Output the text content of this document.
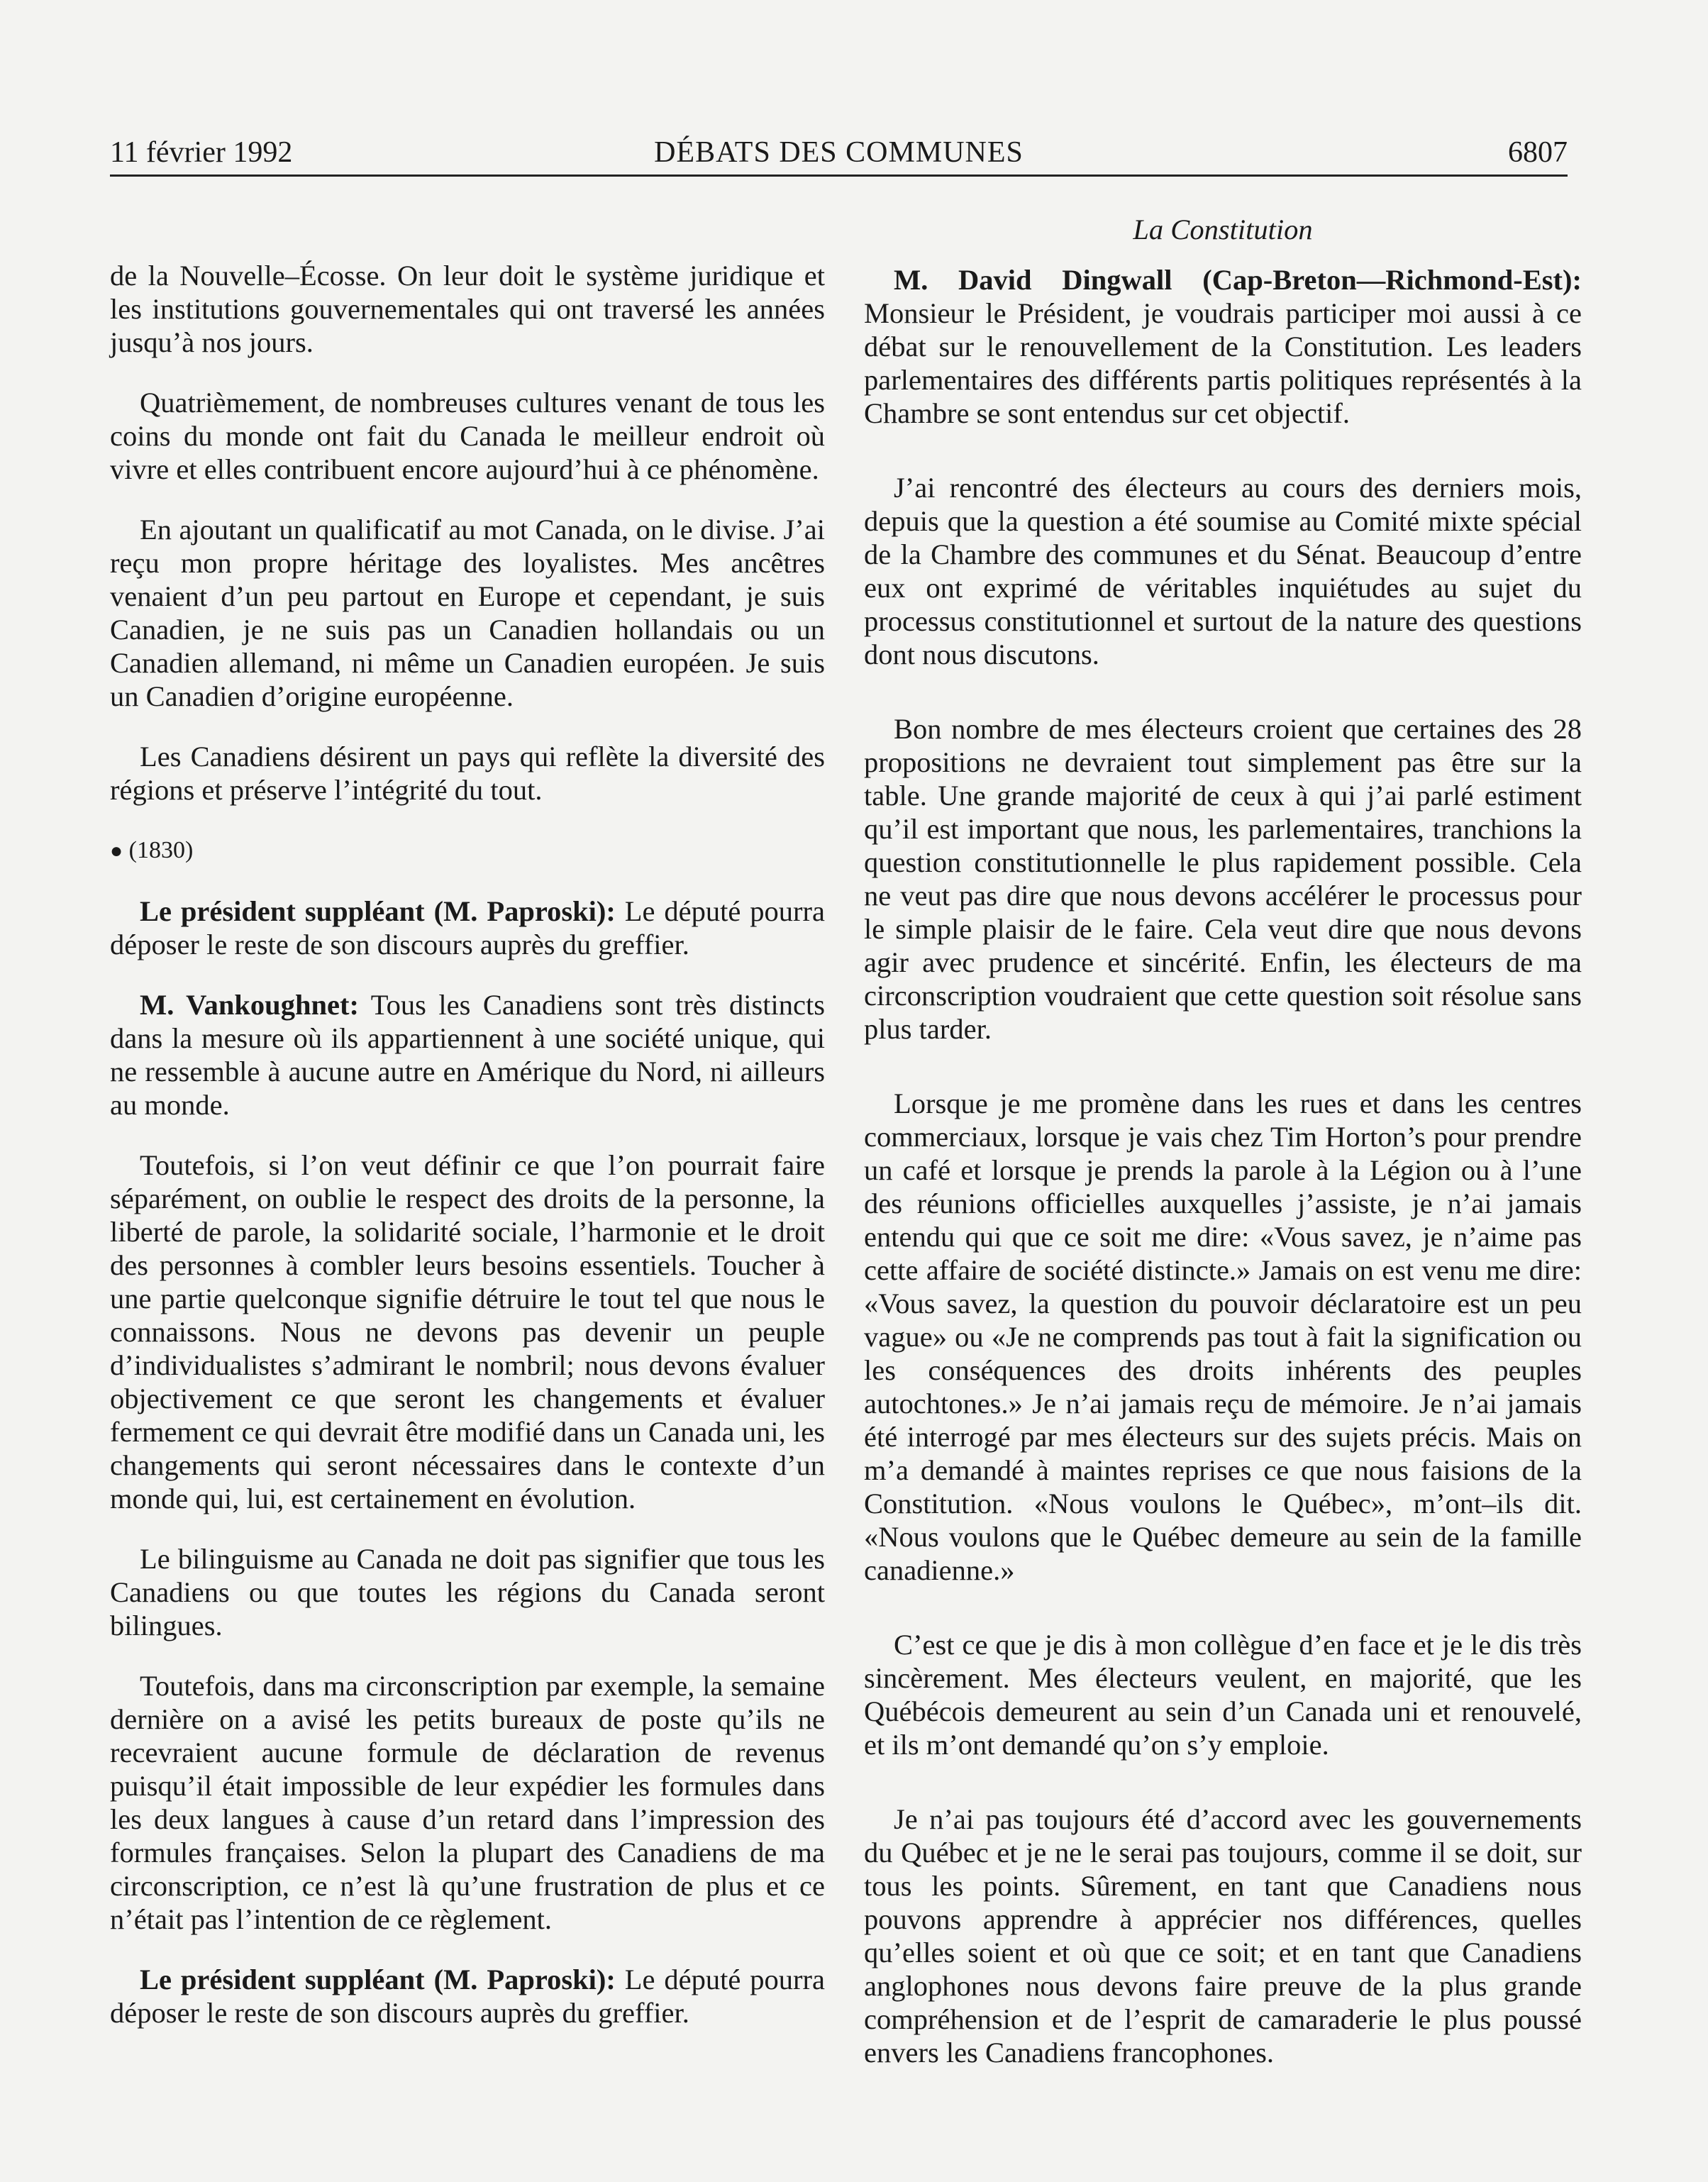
DÉBATS DES COMMUNES
11 février 1992	6807

de la Nouvelle–Écosse. On leur doit le système juridique et les institutions gouvernementales qui ont traversé les années jusqu’à nos jours.

Quatrièmement, de nombreuses cultures venant de tous les coins du monde ont fait du Canada le meilleur endroit où vivre et elles contribuent encore aujourd’hui à ce phénomène.

En ajoutant un qualificatif au mot Canada, on le divise. J’ai reçu mon propre héritage des loyalistes. Mes ancêtres venaient d’un peu partout en Europe et cependant, je suis Canadien, je ne suis pas un Canadien hollandais ou un Canadien allemand, ni même un Canadien européen. Je suis un Canadien d’origine européenne.

Les Canadiens désirent un pays qui reflète la diversité des régions et préserve l’intégrité du tout.

● (1830)

Le président suppléant (M. Paproski): Le député pourra déposer le reste de son discours auprès du greffier.

M. Vankoughnet: Tous les Canadiens sont très distincts dans la mesure où ils appartiennent à une société unique, qui ne ressemble à aucune autre en Amérique du Nord, ni ailleurs au monde.

Toutefois, si l’on veut définir ce que l’on pourrait faire séparément, on oublie le respect des droits de la personne, la liberté de parole, la solidarité sociale, l’harmonie et le droit des personnes à combler leurs besoins essentiels. Toucher à une partie quelconque signifie détruire le tout tel que nous le connaissons. Nous ne devons pas devenir un peuple d’individualistes s’admirant le nombril; nous devons évaluer objectivement ce que seront les changements et évaluer fermement ce qui devrait être modifié dans un Canada uni, les changements qui seront nécessaires dans le contexte d’un monde qui, lui, est certainement en évolution.

Le bilinguisme au Canada ne doit pas signifier que tous les Canadiens ou que toutes les régions du Canada seront bilingues.

Toutefois, dans ma circonscription par exemple, la semaine dernière on a avisé les petits bureaux de poste qu’ils ne recevraient aucune formule de déclaration de revenus puisqu’il était impossible de leur expédier les formules dans les deux langues à cause d’un retard dans l’impression des formules françaises. Selon la plupart des Canadiens de ma circonscription, ce n’est là qu’une frustration de plus et ce n’était pas l’intention de ce règlement.

Le président suppléant (M. Paproski): Le député pourra déposer le reste de son discours auprès du greffier.

La Constitution

M. David Dingwall (Cap-Breton—Richmond-Est): Monsieur le Président, je voudrais participer moi aussi à ce débat sur le renouvellement de la Constitution. Les leaders parlementaires des différents partis politiques représentés à la Chambre se sont entendus sur cet objectif.

J’ai rencontré des électeurs au cours des derniers mois, depuis que la question a été soumise au Comité mixte spécial de la Chambre des communes et du Sénat. Beaucoup d’entre eux ont exprimé de véritables inquiétudes au sujet du processus constitutionnel et surtout de la nature des questions dont nous discutons.

Bon nombre de mes électeurs croient que certaines des 28 propositions ne devraient tout simplement pas être sur la table. Une grande majorité de ceux à qui j’ai parlé estiment qu’il est important que nous, les parlementaires, tranchions la question constitutionnelle le plus rapidement possible. Cela ne veut pas dire que nous devons accélérer le processus pour le simple plaisir de le faire. Cela veut dire que nous devons agir avec prudence et sincérité. Enfin, les électeurs de ma circonscription voudraient que cette question soit résolue sans plus tarder.

Lorsque je me promène dans les rues et dans les centres commerciaux, lorsque je vais chez Tim Horton’s pour prendre un café et lorsque je prends la parole à la Légion ou à l’une des réunions officielles auxquelles j’assiste, je n’ai jamais entendu qui que ce soit me dire: «Vous savez, je n’aime pas cette affaire de société distincte.» Jamais on est venu me dire: «Vous savez, la question du pouvoir déclaratoire est un peu vague» ou «Je ne comprends pas tout à fait la signification ou les conséquences des droits inhérents des peuples autochtones.» Je n’ai jamais reçu de mémoire. Je n’ai jamais été interrogé par mes électeurs sur des sujets précis. Mais on m’a demandé à maintes reprises ce que nous faisions de la Constitution. «Nous voulons le Québec», m’ont–ils dit. «Nous voulons que le Québec demeure au sein de la famille canadienne.»

C’est ce que je dis à mon collègue d’en face et je le dis très sincèrement. Mes électeurs veulent, en majorité, que les Québécois demeurent au sein d’un Canada uni et renouvelé, et ils m’ont demandé qu’on s’y emploie.

Je n’ai pas toujours été d’accord avec les gouvernements du Québec et je ne le serai pas toujours, comme il se doit, sur tous les points. Sûrement, en tant que Canadiens nous pouvons apprendre à apprécier nos différences, quelles qu’elles soient et où que ce soit; et en tant que Canadiens anglophones nous devons faire preuve de la plus grande compréhension et de l’esprit de camaraderie le plus poussé envers les Canadiens francophones.
